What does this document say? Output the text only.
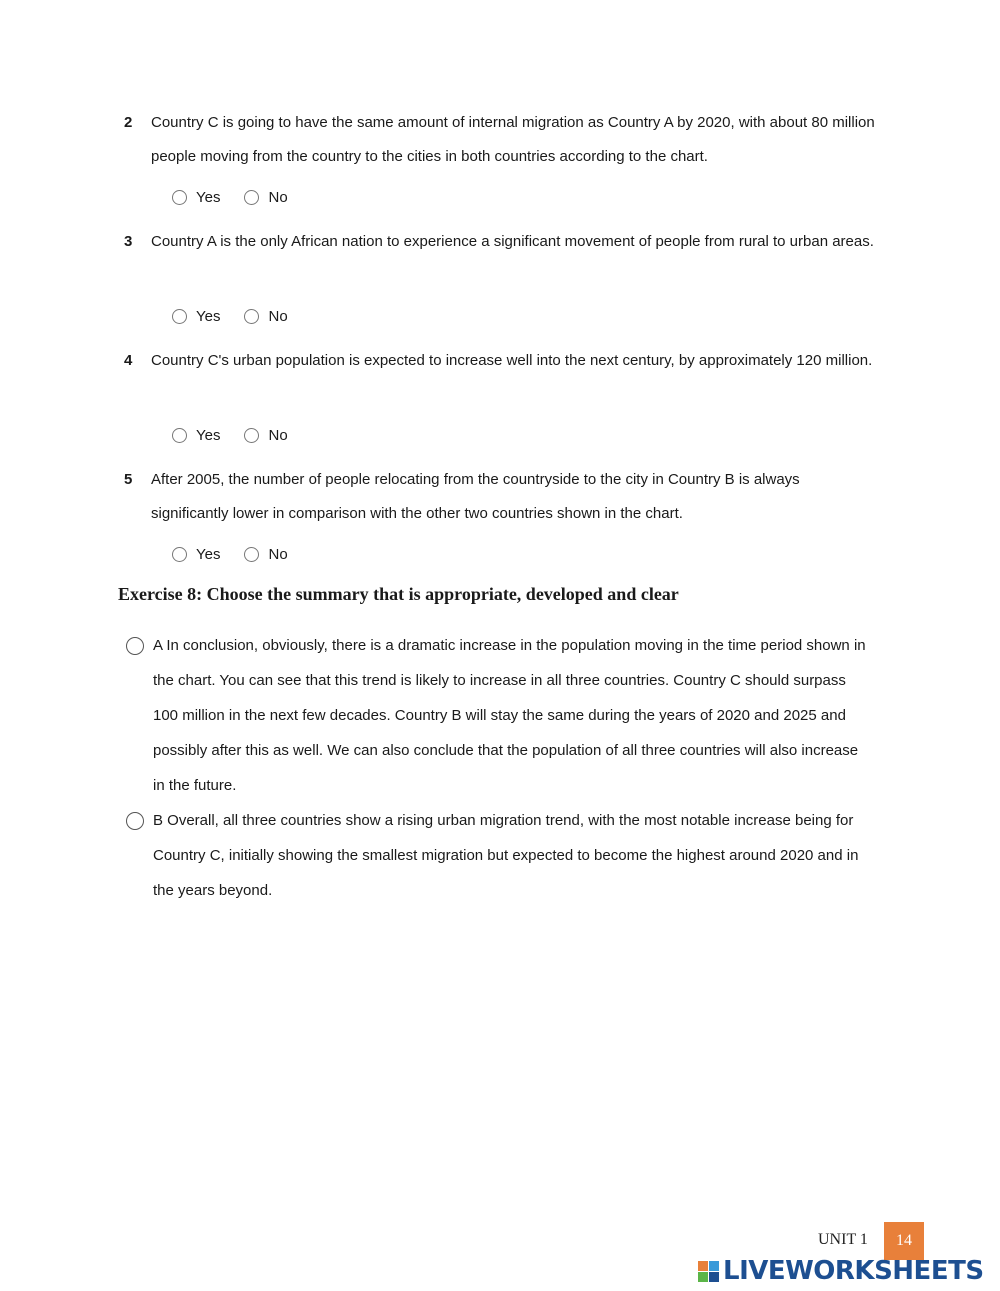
2 Country C is going to have the same amount of internal migration as Country A by 2020, with about 80 million people moving from the country to the cities in both countries according to the chart.
Yes	No
3 Country A is the only African nation to experience a significant movement of people from rural to urban areas.
Yes	No
4 Country C's urban population is expected to increase well into the next century, by approximately 120 million.
Yes	No
5 After 2005, the number of people relocating from the countryside to the city in Country B is always significantly lower in comparison with the other two countries shown in the chart.
Yes	No
Exercise 8: Choose the summary that is appropriate, developed and clear
A In conclusion, obviously, there is a dramatic increase in the population moving in the time period shown in the chart. You can see that this trend is likely to increase in all three countries. Country C should surpass 100 million in the next few decades. Country B will stay the same during the years of 2020 and 2025 and possibly after this as well. We can also conclude that the population of all three countries will also increase in the future.
B Overall, all three countries show a rising urban migration trend, with the most notable increase being for Country C, initially showing the smallest migration but expected to become the highest around 2020 and in the years beyond.
UNIT 1	14
LIVEWORKSHEETS
